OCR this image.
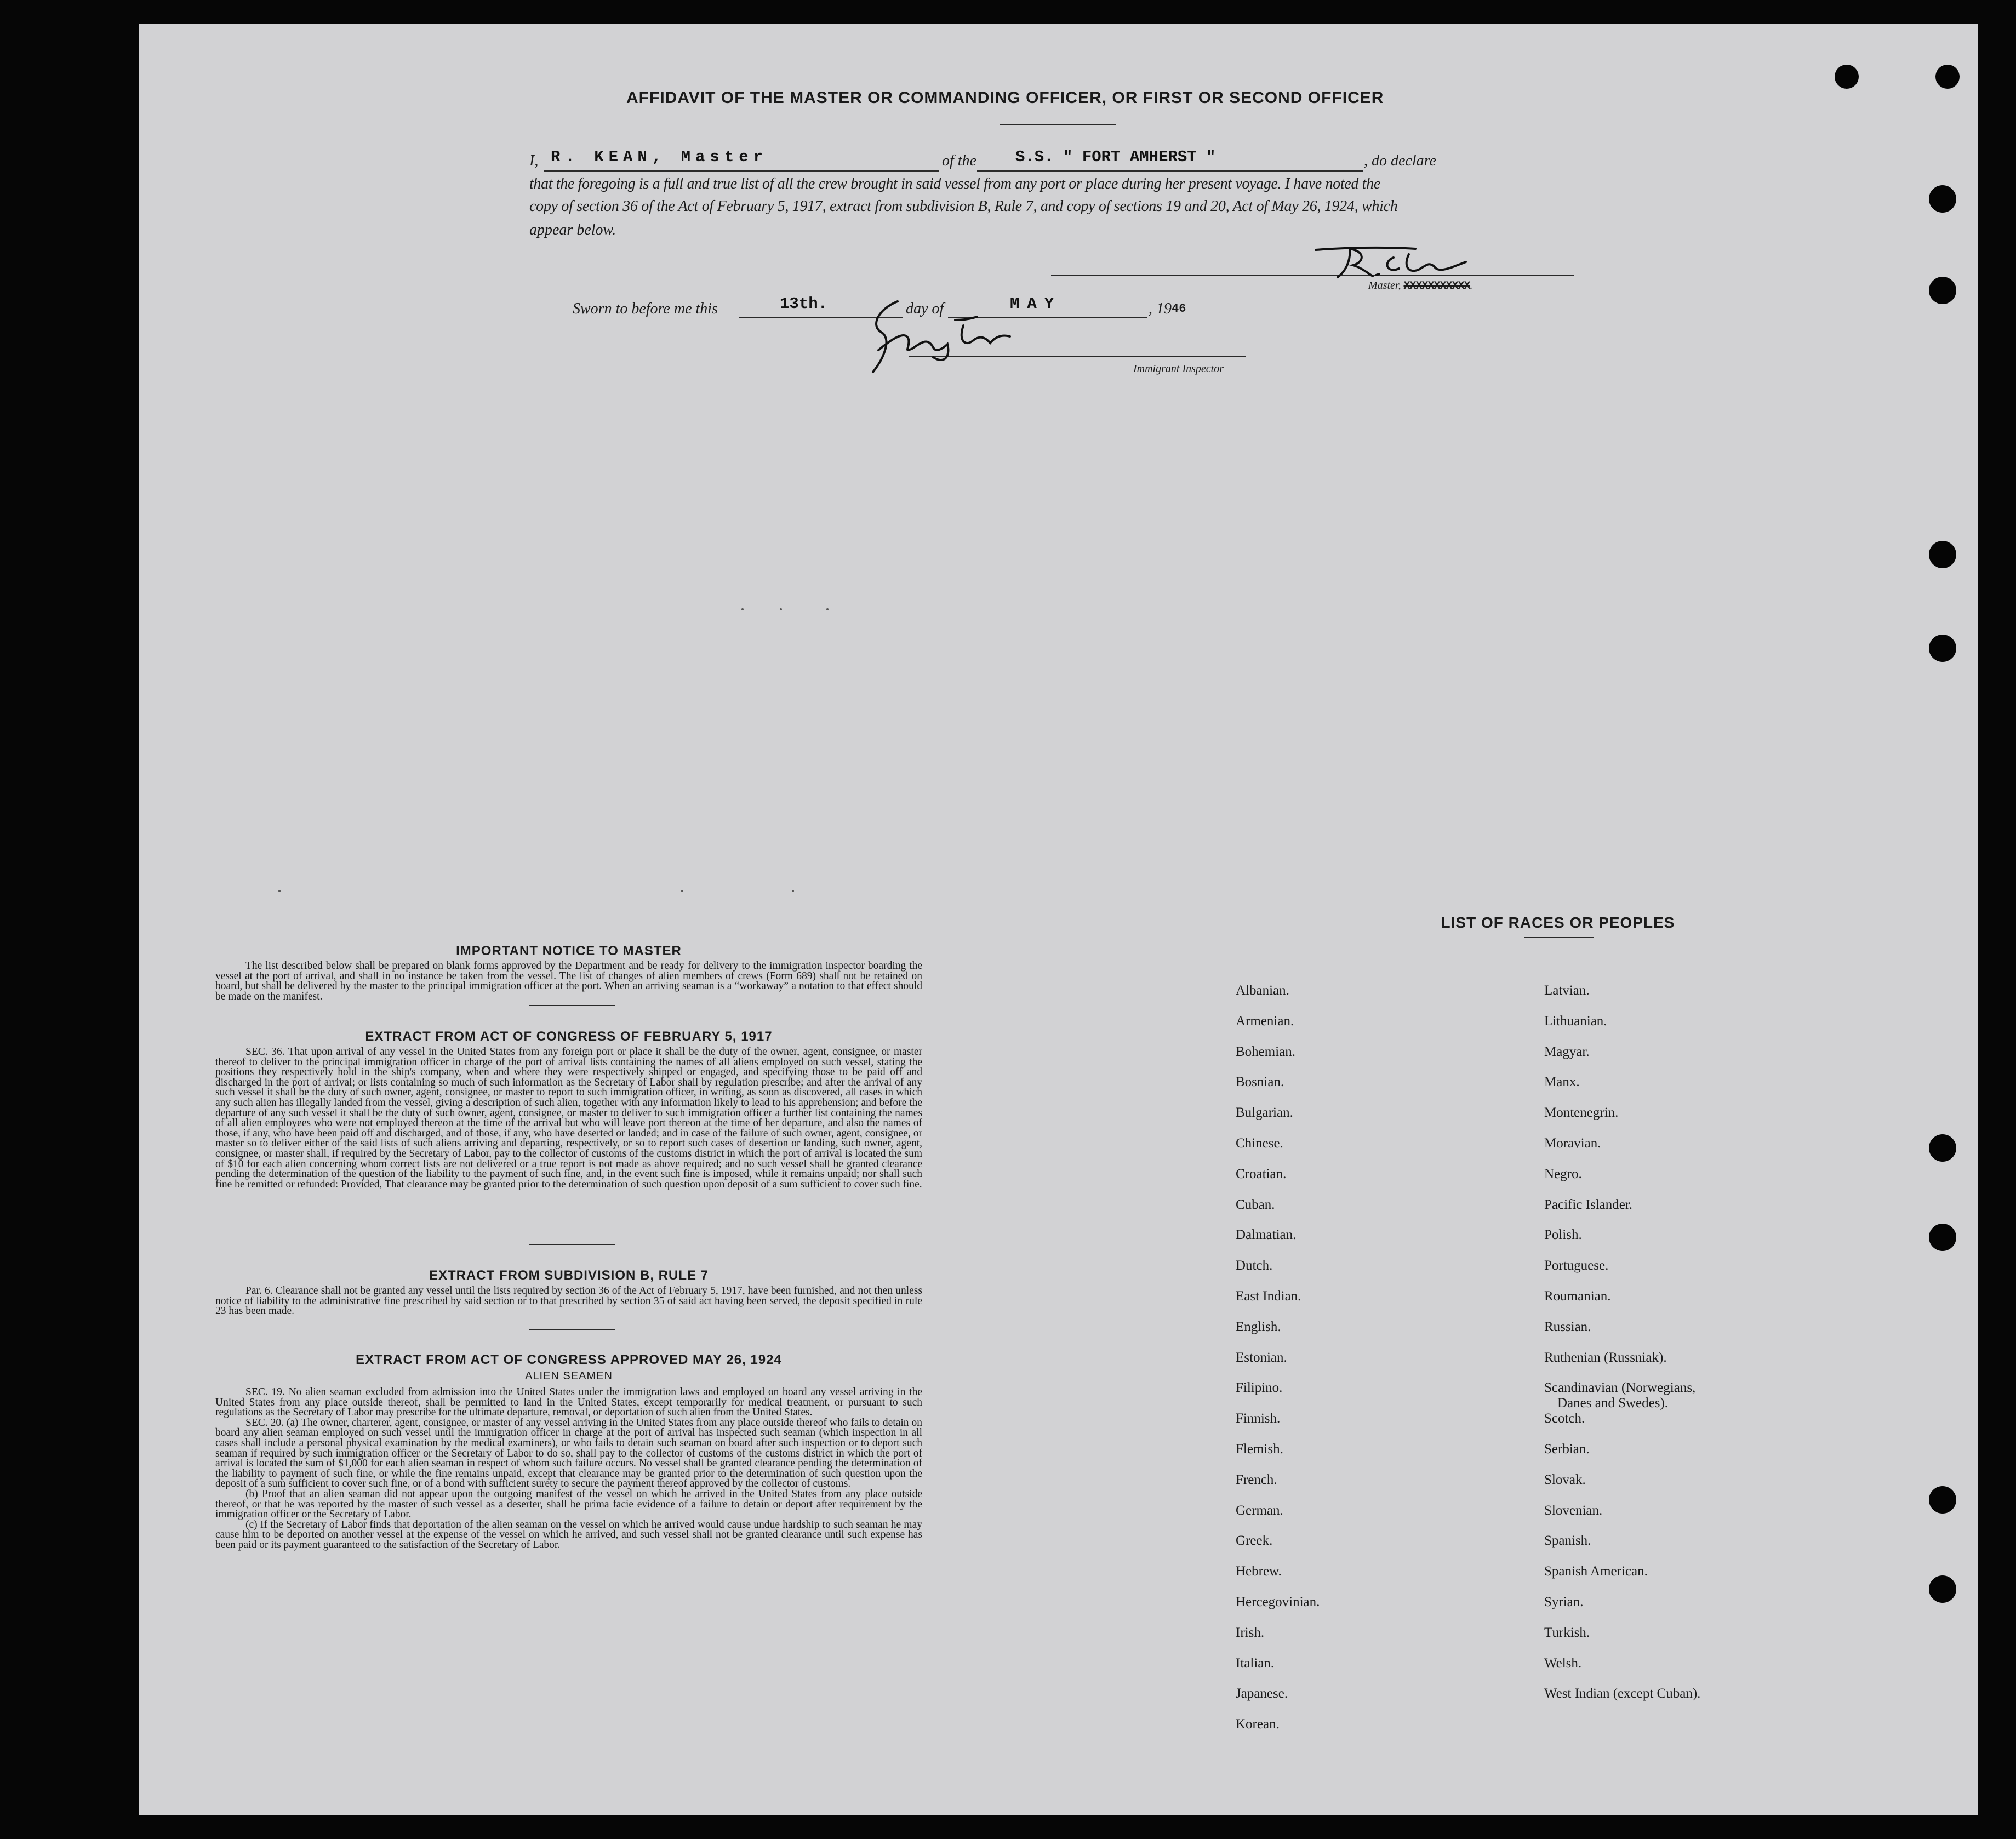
AFFIDAVIT OF THE MASTER OR COMMANDING OFFICER, OR FIRST OR SECOND OFFICER
I, R. KEAN, Master	of the S.S. " FORT AMHERST "	, do declare
that the foregoing is a full and true list of all the crew brought in said vessel from any port or place during her present voyage. I have noted the
copy of section 36 of the Act of February 5, 1917, extract from subdivision B, Rule 7, and copy of sections 19 and 20, Act of May 26, 1924, which
appear below.
Master, XXXXXXXXXXX.
Sworn to before me this	13th.	day of	MAY	, 1946
Immigrant Inspector
IMPORTANT NOTICE TO MASTER

The list described below shall be prepared on blank forms approved by the Department and be ready for delivery to the immigration inspector boarding the vessel at the port of arrival, and shall in no instance be taken from the vessel. The list of changes of alien members of crews (Form 689) shall not be retained on board, but shall be delivered by the master to the principal immigration officer at the port. When an arriving seaman is a “workaway” a notation to that effect should be made on the manifest.

EXTRACT FROM ACT OF CONGRESS OF FEBRUARY 5, 1917

SEC. 36. That upon arrival of any vessel in the United States from any foreign port or place it shall be the duty of the owner, agent, consignee, or master thereof to deliver to the principal immigration officer in charge of the port of arrival lists containing the names of all aliens employed on such vessel, stating the positions they respectively hold in the ship's company, when and where they were respectively shipped or engaged, and specifying those to be paid off and discharged in the port of arrival; or lists containing so much of such information as the Secretary of Labor shall by regulation prescribe; and after the arrival of any such vessel it shall be the duty of such owner, agent, consignee, or master to report to such immigration officer, in writing, as soon as discovered, all cases in which any such alien has illegally landed from the vessel, giving a description of such alien, together with any information likely to lead to his apprehension; and before the departure of any such vessel it shall be the duty of such owner, agent, consignee, or master to deliver to such immigration officer a further list containing the names of all alien employees who were not employed thereon at the time of the arrival but who will leave port thereon at the time of her departure, and also the names of those, if any, who have been paid off and discharged, and of those, if any, who have deserted or landed; and in case of the failure of such owner, agent, consignee, or master so to deliver either of the said lists of such aliens arriving and departing, respectively, or so to report such cases of desertion or landing, such owner, agent, consignee, or master shall, if required by the Secretary of Labor, pay to the collector of customs of the customs district in which the port of arrival is located the sum of $10 for each alien concerning whom correct lists are not delivered or a true report is not made as above required; and no such vessel shall be granted clearance pending the determination of the question of the liability to the payment of such fine, and, in the event such fine is imposed, while it remains unpaid; nor shall such fine be remitted or refunded: Provided, That clearance may be granted prior to the determination of such question upon deposit of a sum sufficient to cover such fine.

EXTRACT FROM SUBDIVISION B, RULE 7

Par. 6. Clearance shall not be granted any vessel until the lists required by section 36 of the Act of February 5, 1917, have been furnished, and not then unless notice of liability to the administrative fine prescribed by said section or to that prescribed by section 35 of said act having been served, the deposit specified in rule 23 has been made.

EXTRACT FROM ACT OF CONGRESS APPROVED MAY 26, 1924
ALIEN SEAMEN

SEC. 19. No alien seaman excluded from admission into the United States under the immigration laws and employed on board any vessel arriving in the United States from any place outside thereof, shall be permitted to land in the United States, except temporarily for medical treatment, or pursuant to such regulations as the Secretary of Labor may prescribe for the ultimate departure, removal, or deportation of such alien from the United States.

SEC. 20. (a) The owner, charterer, agent, consignee, or master of any vessel arriving in the United States from any place outside thereof who fails to detain on board any alien seaman employed on such vessel until the immigration officer in charge at the port of arrival has inspected such seaman (which inspection in all cases shall include a personal physical examination by the medical examiners), or who fails to detain such seaman on board after such inspection or to deport such seaman if required by such immigration officer or the Secretary of Labor to do so, shall pay to the collector of customs of the customs district in which the port of arrival is located the sum of $1,000 for each alien seaman in respect of whom such failure occurs. No vessel shall be granted clearance pending the determination of the liability to payment of such fine, or while the fine remains unpaid, except that clearance may be granted prior to the determination of such question upon the deposit of a sum sufficient to cover such fine, or of a bond with sufficient surety to secure the payment thereof approved by the collector of customs.

(b) Proof that an alien seaman did not appear upon the outgoing manifest of the vessel on which he arrived in the United States from any place outside thereof, or that he was reported by the master of such vessel as a deserter, shall be prima facie evidence of a failure to detain or deport after requirement by the immigration officer or the Secretary of Labor.

(c) If the Secretary of Labor finds that deportation of the alien seaman on the vessel on which he arrived would cause undue hardship to such seaman he may cause him to be deported on another vessel at the expense of the vessel on which he arrived, and such vessel shall not be granted clearance until such expense has been paid or its payment guaranteed to the satisfaction of the Secretary of Labor.

LIST OF RACES OR PEOPLES
Albanian.
Armenian.
Bohemian.
Bosnian.
Bulgarian.
Chinese.
Croatian.
Cuban.
Dalmatian.
Dutch.
East Indian.
English.
Estonian.
Filipino.
Finnish.
Flemish.
French.
German.
Greek.
Hebrew.
Hercegovinian.
Irish.
Italian.
Japanese.
Korean.
Latvian.
Lithuanian.
Magyar.
Manx.
Montenegrin.
Moravian.
Negro.
Pacific Islander.
Polish.
Portuguese.
Roumanian.
Russian.
Ruthenian (Russniak).
Scandinavian (Norwegians,
Danes and Swedes).
Scotch.
Serbian.
Slovak.
Slovenian.
Spanish.
Spanish American.
Syrian.
Turkish.
Welsh.
West Indian (except Cuban).
